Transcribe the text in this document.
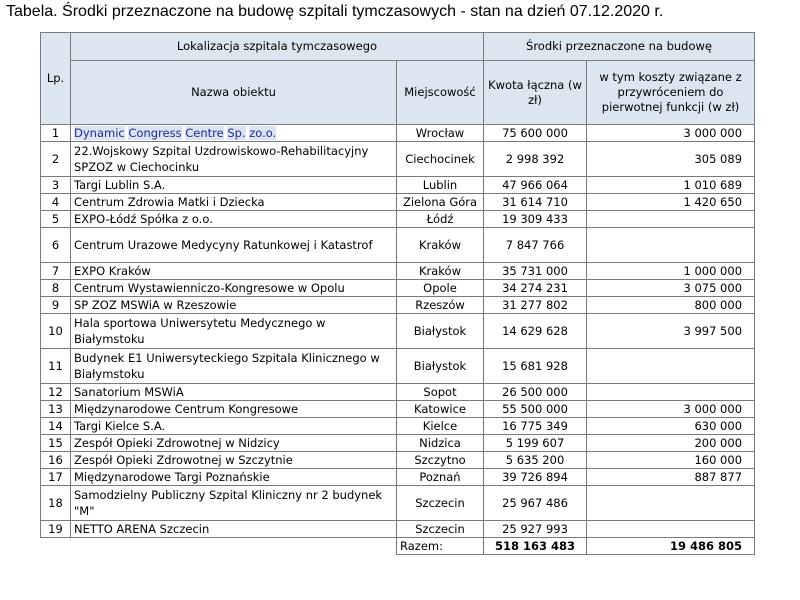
Tabela. Środki przeznaczone na budowę szpitali tymczasowych - stan na dzień 07.12.2020 r.
Lp.	Lokalizacja szpitala tymczasowego		Środki przeznaczone na budowę	
	Nazwa obiektu	Miejscowość	Kwota łączna (w zł)	w tym koszty związane z przywróceniem do pierwotnej funkcji (w zł)
1	Dynamic Congress Centre Sp. zo.o.	Wrocław	75 600 000	3 000 000
2	22.Wojskowy Szpital Uzdrowiskowo-Rehabilitacyjny SPZOZ w Ciechocinku	Ciechocinek	2 998 392	305 089
3	Targi Lublin S.A.	Lublin	47 966 064	1 010 689
4	Centrum Zdrowia Matki i Dziecka	Zielona Góra	31 614 710	1 420 650
5	EXPO-Łódź Spółka z o.o.	Łódź	19 309 433	
6	Centrum Urazowe Medycyny Ratunkowej i Katastrof	Kraków	7 847 766	
7	EXPO Kraków	Kraków	35 731 000	1 000 000
8	Centrum Wystawienniczo-Kongresowe w Opolu	Opole	34 274 231	3 075 000
9	SP ZOZ MSWiA w Rzeszowie	Rzeszów	31 277 802	800 000
10	Hala sportowa Uniwersytetu Medycznego w Białymstoku	Białystok	14 629 628	3 997 500
11	Budynek E1 Uniwersyteckiego Szpitala Klinicznego w Białymstoku	Białystok	15 681 928	
12	Sanatorium MSWiA	Sopot	26 500 000	
13	Międzynarodowe Centrum Kongresowe	Katowice	55 500 000	3 000 000
14	Targi Kielce S.A.	Kielce	16 775 349	630 000
15	Zespół Opieki Zdrowotnej w Nidzicy	Nidzica	5 199 607	200 000
16	Zespół Opieki Zdrowotnej w Szczytnie	Szczytno	5 635 200	160 000
17	Międzynarodowe Targi Poznańskie	Poznań	39 726 894	887 877
18	Samodzielny Publiczny Szpital Kliniczny nr 2 budynek "M"	Szczecin	25 967 486	
19	NETTO ARENA Szczecin	Szczecin	25 927 993	
		Razem:	518 163 483	19 486 805
